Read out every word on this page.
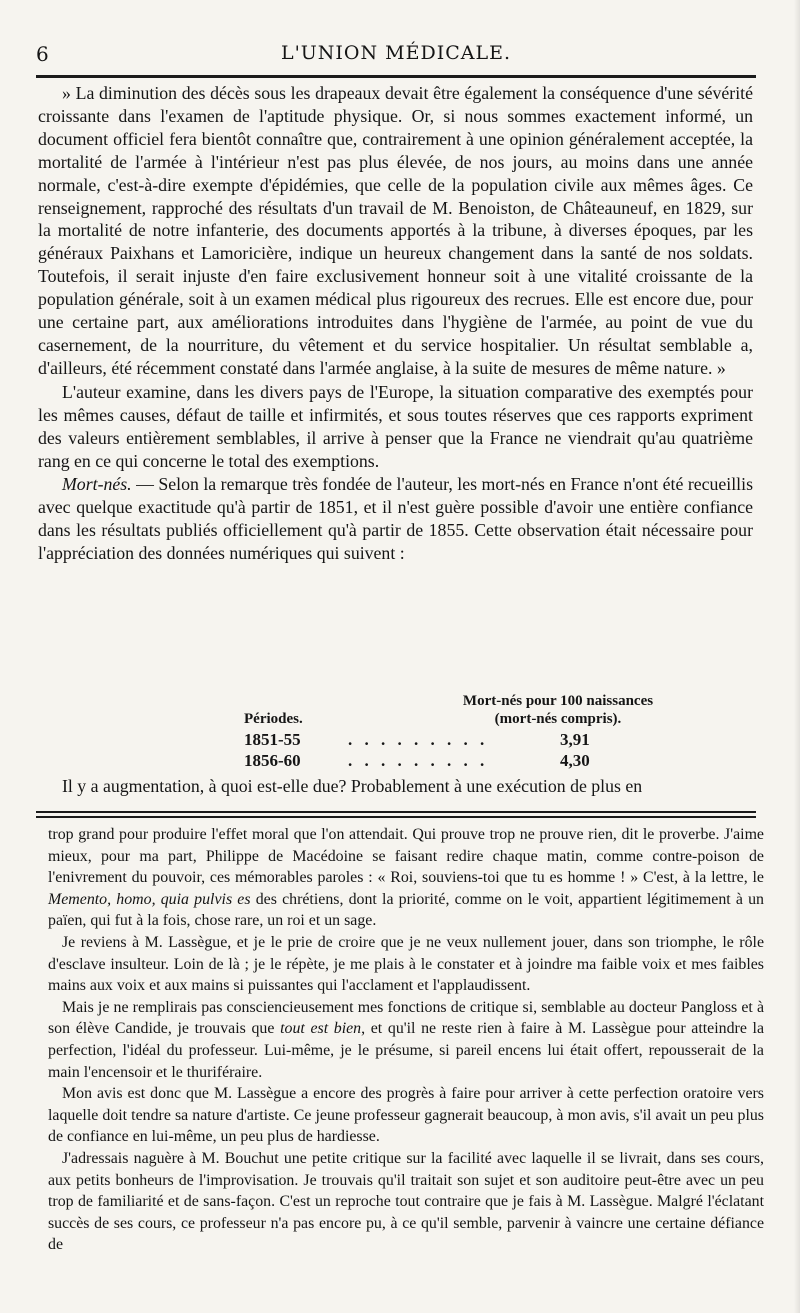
6	L'UNION MÉDICALE.

» La diminution des décès sous les drapeaux devait être également la conséquence d'une sévérité croissante dans l'examen de l'aptitude physique. Or, si nous sommes exactement informé, un document officiel fera bientôt connaître que, contrairement à une opinion généralement acceptée, la mortalité de l'armée à l'intérieur n'est pas plus élevée, de nos jours, au moins dans une année normale, c'est-à-dire exempte d'épidémies, que celle de la population civile aux mêmes âges. Ce renseignement, rapproché des résultats d'un travail de M. Benoiston, de Châteauneuf, en 1829, sur la mortalité de notre infanterie, des documents apportés à la tribune, à diverses époques, par les généraux Paixhans et Lamoricière, indique un heureux changement dans la santé de nos soldats. Toutefois, il serait injuste d'en faire exclusivement honneur soit à une vitalité croissante de la population générale, soit à un examen médical plus rigoureux des recrues. Elle est encore due, pour une certaine part, aux améliorations introduites dans l'hygiène de l'armée, au point de vue du casernement, de la nourriture, du vêtement et du service hospitalier. Un résultat semblable a, d'ailleurs, été récemment constaté dans l'armée anglaise, à la suite de mesures de même nature. »

L'auteur examine, dans les divers pays de l'Europe, la situation comparative des exemptés pour les mêmes causes, défaut de taille et infirmités, et sous toutes réserves que ces rapports expriment des valeurs entièrement semblables, il arrive à penser que la France ne viendrait qu'au quatrième rang en ce qui concerne le total des exemptions.

Mort-nés. — Selon la remarque très fondée de l'auteur, les mort-nés en France n'ont été recueillis avec quelque exactitude qu'à partir de 1851, et il n'est guère possible d'avoir une entière confiance dans les résultats publiés officiellement qu'à partir de 1855. Cette observation était nécessaire pour l'appréciation des données numériques qui suivent :

Mort-nés pour 100 naissances
(mort-nés compris).
Périodes.
1851-55	. . . . . . . . .	3,91
1856-60	. . . . . . . . .	4,30
Il y a augmentation, à quoi est-elle due? Probablement à une exécution de plus en

trop grand pour produire l'effet moral que l'on attendait. Qui prouve trop ne prouve rien, dit le proverbe. J'aime mieux, pour ma part, Philippe de Macédoine se faisant redire chaque matin, comme contre-poison de l'enivrement du pouvoir, ces mémorables paroles : « Roi, souviens-toi que tu es homme ! » C'est, à la lettre, le Memento, homo, quia pulvis es des chrétiens, dont la priorité, comme on le voit, appartient légitimement à un païen, qui fut à la fois, chose rare, un roi et un sage.

Je reviens à M. Lassègue, et je le prie de croire que je ne veux nullement jouer, dans son triomphe, le rôle d'esclave insulteur. Loin de là ; je le répète, je me plais à le constater et à joindre ma faible voix et mes faibles mains aux voix et aux mains si puissantes qui l'acclament et l'applaudissent.

Mais je ne remplirais pas consciencieusement mes fonctions de critique si, semblable au docteur Pangloss et à son élève Candide, je trouvais que tout est bien, et qu'il ne reste rien à faire à M. Lassègue pour atteindre la perfection, l'idéal du professeur. Lui-même, je le présume, si pareil encens lui était offert, repousserait de la main l'encensoir et le thuriféraire.

Mon avis est donc que M. Lassègue a encore des progrès à faire pour arriver à cette perfection oratoire vers laquelle doit tendre sa nature d'artiste. Ce jeune professeur gagnerait beaucoup, à mon avis, s'il avait un peu plus de confiance en lui-même, un peu plus de hardiesse.

J'adressais naguère à M. Bouchut une petite critique sur la facilité avec laquelle il se livrait, dans ses cours, aux petits bonheurs de l'improvisation. Je trouvais qu'il traitait son sujet et son auditoire peut-être avec un peu trop de familiarité et de sans-façon. C'est un reproche tout contraire que je fais à M. Lassègue. Malgré l'éclatant succès de ses cours, ce professeur n'a pas encore pu, à ce qu'il semble, parvenir à vaincre une certaine défiance de
